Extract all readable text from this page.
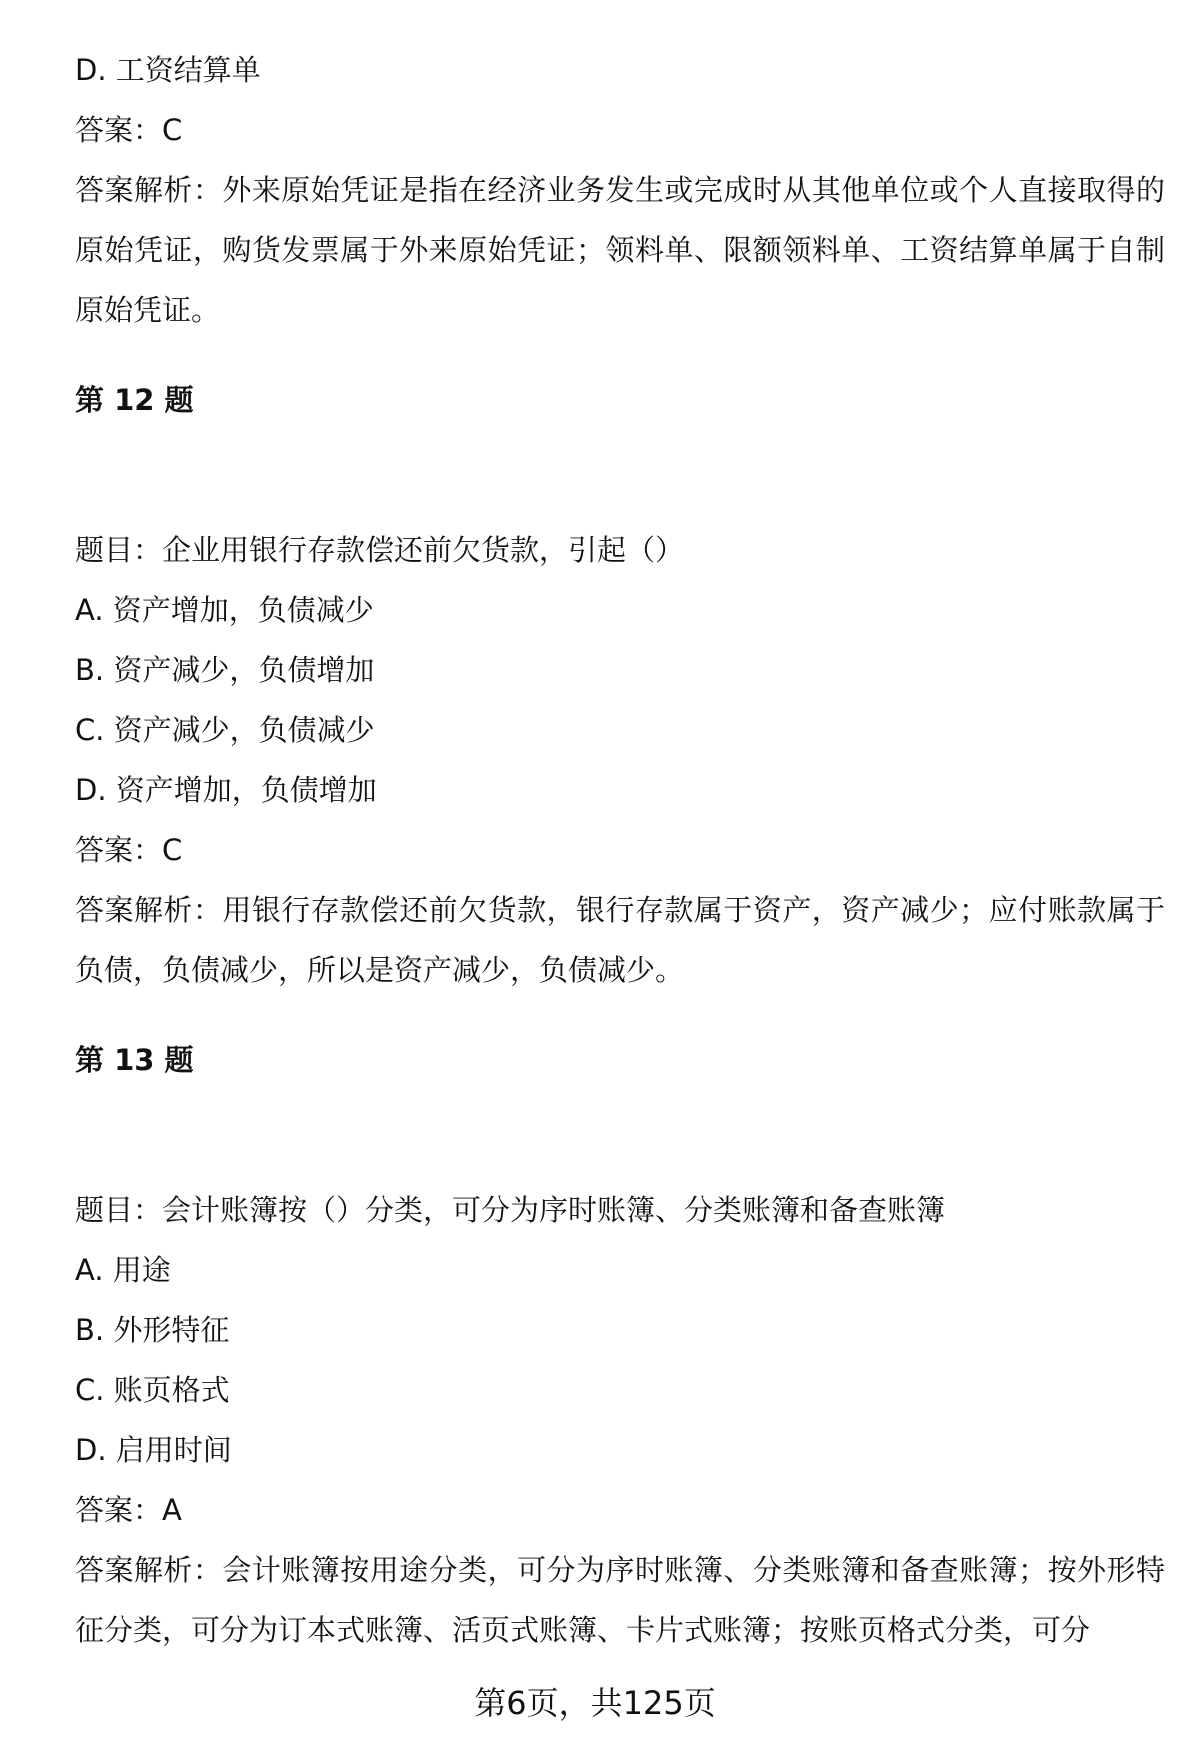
D. 工资结算单
答案：C
答案解析：外来原始凭证是指在经济业务发生或完成时从其他单位或个人直接取得的原始凭证，购货发票属于外来原始凭证；领料单、限额领料单、工资结算单属于自制原始凭证。
第 12 题
题目：企业用银行存款偿还前欠货款，引起（）
A. 资产增加，负债减少
B. 资产减少，负债增加
C. 资产减少，负债减少
D. 资产增加，负债增加
答案：C
答案解析：用银行存款偿还前欠货款，银行存款属于资产，资产减少；应付账款属于负债，负债减少，所以是资产减少，负债减少。
第 13 题
题目：会计账簿按（）分类，可分为序时账簿、分类账簿和备查账簿
A. 用途
B. 外形特征
C. 账页格式
D. 启用时间
答案：A
答案解析：会计账簿按用途分类，可分为序时账簿、分类账簿和备查账簿；按外形特征分类，可分为订本式账簿、活页式账簿、卡片式账簿；按账页格式分类，可分
第6页，共125页
